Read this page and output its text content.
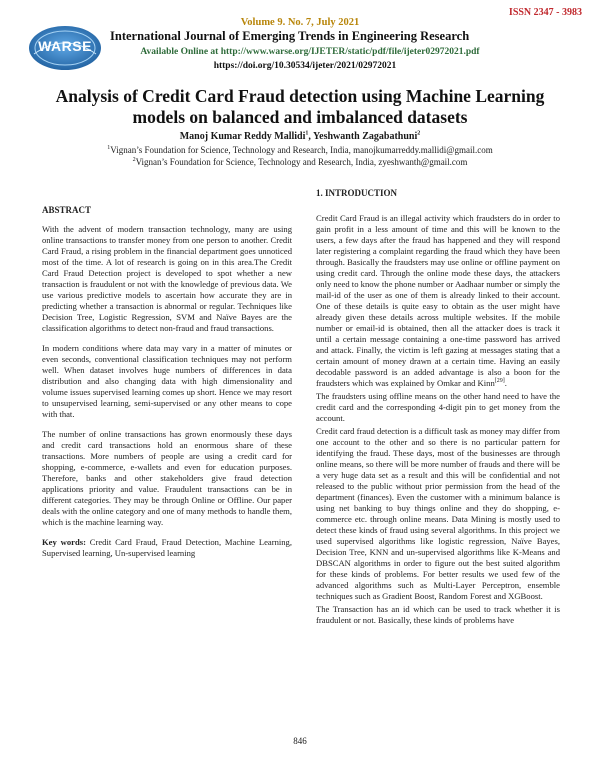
ISSN 2347 - 3983
WARSE
Volume 9. No. 7, July 2021
International Journal of Emerging Trends in Engineering Research
Available Online at http://www.warse.org/IJETER/static/pdf/file/ijeter02972021.pdf
https://doi.org/10.30534/ijeter/2021/02972021
Analysis of Credit Card Fraud detection using Machine Learning models on balanced and imbalanced datasets
Manoj Kumar Reddy Mallidi$^1$, Yeshwanth Zagabathuni$^2$
$^1$Vignan’s Foundation for Science, Technology and Research, India, manojkumarreddy.mallidi@gmail.com
$^2$Vignan’s Foundation for Science, Technology and Research, India, zyeshwanth@gmail.com
ABSTRACT

With the advent of modern transaction technology, many are using online transactions to transfer money from one person to another. Credit Card Fraud, a rising problem in the financial department goes unnoticed most of the time. A lot of research is going on in this area.The Credit Card Fraud Detection project is developed to spot whether a new transaction is fraudulent or not with the knowledge of previous data. We use various predictive models to ascertain how accurate they are in predicting whether a transaction is abnormal or regular. Techniques like Decision Tree, Logistic Regression, SVM and Naïve Bayes are the classification algorithms to detect non-fraud and fraud transactions.

In modern conditions where data may vary in a matter of minutes or even seconds, conventional classification techniques may not perform well. When dataset involves huge numbers of differences in data distribution and also changing data with high dimensionality and volume issues supervised learning comes up short. Hence we may resort to unsupervised learning, semi-supervised or any other means to cope with that.

The number of online transactions has grown enormously these days and credit card transactions hold an enormous share of these transactions. More numbers of people are using a credit card for shopping, e-commerce, e-wallets and even for education purposes. Therefore, banks and other stakeholders give fraud detection applications priority and value. Fraudulent transactions can be in different categories. They may be through Online or Offline. Our paper deals with the online category and one of many methods to handle them, which is the machine learning way.

Key words: Credit Card Fraud, Fraud Detection, Machine Learning, Supervised learning, Un-supervised learning

1. INTRODUCTION

Credit Card Fraud is an illegal activity which fraudsters do in order to gain profit in a less amount of time and this will be known to the users, a few days after the fraud has happened and they will respond later registering a complaint regarding the fraud which they have been through. Basically the fraudsters may use online or offline payment on using credit card. Through the online mode these days, the attackers only need to know the phone number or Aadhaar number or simply the mail-id of the user as one of them is already linked to their account. One of these details is quite easy to obtain as the user might have already given these details across multiple websites. If the mobile number or email-id is obtained, then all the attacker does is track it until a certain message containing a one-time password has arrived and attack. Finally, the victim is left gazing at messages stating that a certain amount of money drawn at a certain time. Having an easily decodable password is an added advantage is also a boon for the fraudsters which was explained by Omkar and Kinn[29].

The fraudsters using offline means on the other hand need to have the credit card and the corresponding 4-digit pin to get money from the account.

Credit card fraud detection is a difficult task as money may differ from one account to the other and so there is no particular pattern for identifying the fraud. These days, most of the businesses are through online means, so there will be more number of frauds and there will be a very huge data set as a result and this will be confidential and not released to the public without prior permission from the head of the department (finances). Even the customer with a minimum balance is using net banking to buy things online and they do shopping, e-commerce etc. through online means. Data Mining is mostly used to detect these kinds of fraud using several algorithms. In this project we used supervised algorithms like logistic regression, Naïve Bayes, Decision Tree, KNN and un-supervised algorithms like K-Means and DBSCAN algorithms in order to figure out the best suited algorithm for these kinds of problems. For better results we used few of the advanced algorithms such as Multi-Layer Perceptron, ensemble techniques such as Gradient Boost, Random Forest and XGBoost.

The Transaction has an id which can be used to track whether it is fraudulent or not. Basically, these kinds of problems have

846
